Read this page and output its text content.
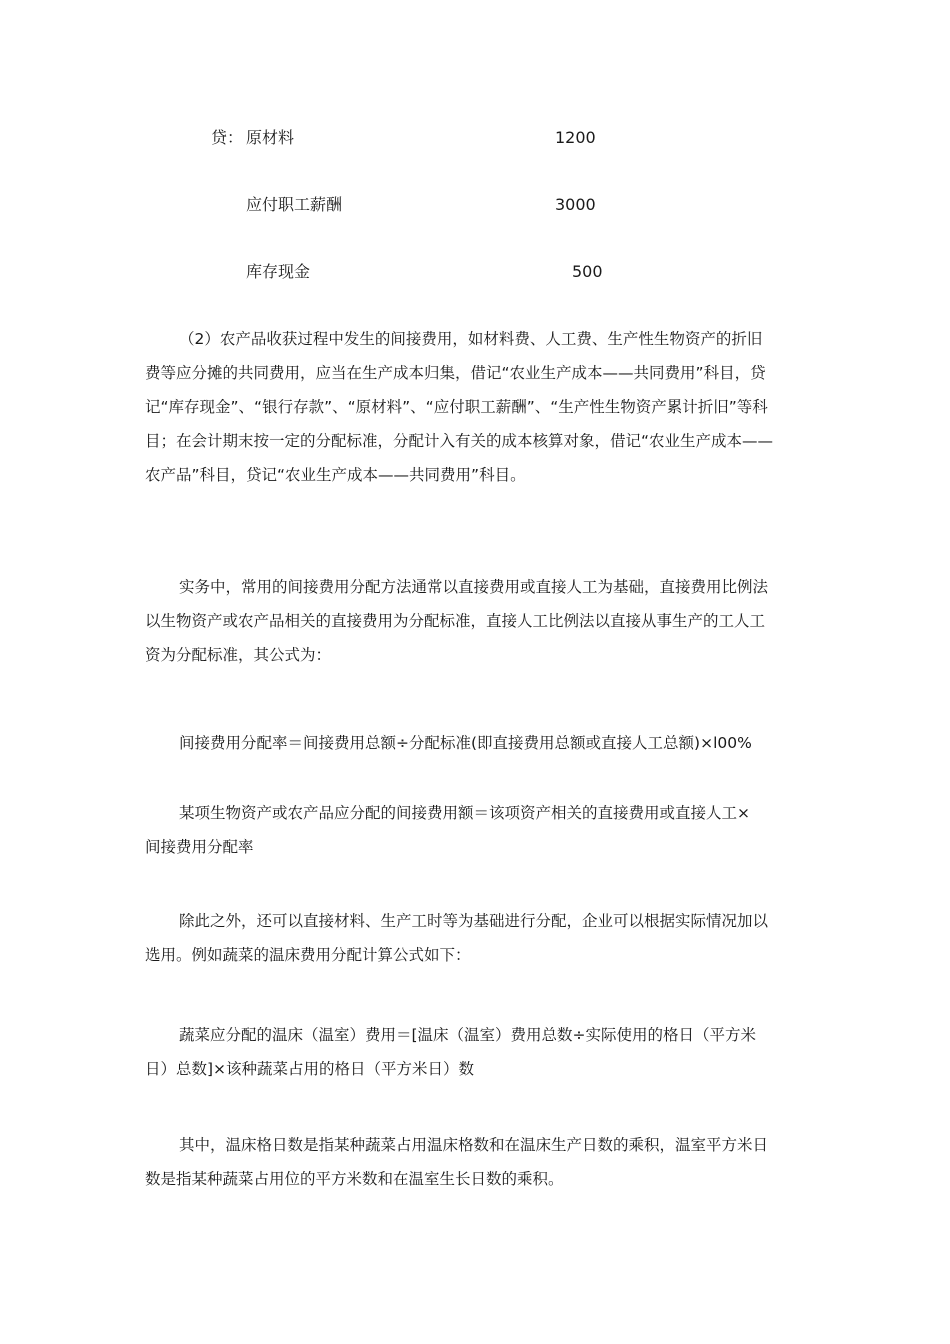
贷： 原材料	1200
应付职工薪酬	3000
库存现金	500
（2）农产品收获过程中发生的间接费用，如材料费、人工费、生产性生物资产的折旧
费等应分摊的共同费用，应当在生产成本归集，借记“农业生产成本——共同费用”科目，贷
记“库存现金”、“银行存款”、“原材料”、“应付职工薪酬”、“生产性生物资产累计折旧”等科
目；在会计期末按一定的分配标准，分配计入有关的成本核算对象，借记“农业生产成本——
农产品”科目，贷记“农业生产成本——共同费用”科目。
实务中，常用的间接费用分配方法通常以直接费用或直接人工为基础，直接费用比例法
以生物资产或农产品相关的直接费用为分配标准，直接人工比例法以直接从事生产的工人工
资为分配标准，其公式为：
间接费用分配率＝间接费用总额÷分配标准(即直接费用总额或直接人工总额)×l00%
某项生物资产或农产品应分配的间接费用额＝该项资产相关的直接费用或直接人工×
间接费用分配率
除此之外，还可以直接材料、生产工时等为基础进行分配，企业可以根据实际情况加以
选用。例如蔬菜的温床费用分配计算公式如下：
蔬菜应分配的温床（温室）费用＝[温床（温室）费用总数÷实际使用的格日（平方米
日）总数]×该种蔬菜占用的格日（平方米日）数
其中，温床格日数是指某种蔬菜占用温床格数和在温床生产日数的乘积，温室平方米日
数是指某种蔬菜占用位的平方米数和在温室生长日数的乘积。
